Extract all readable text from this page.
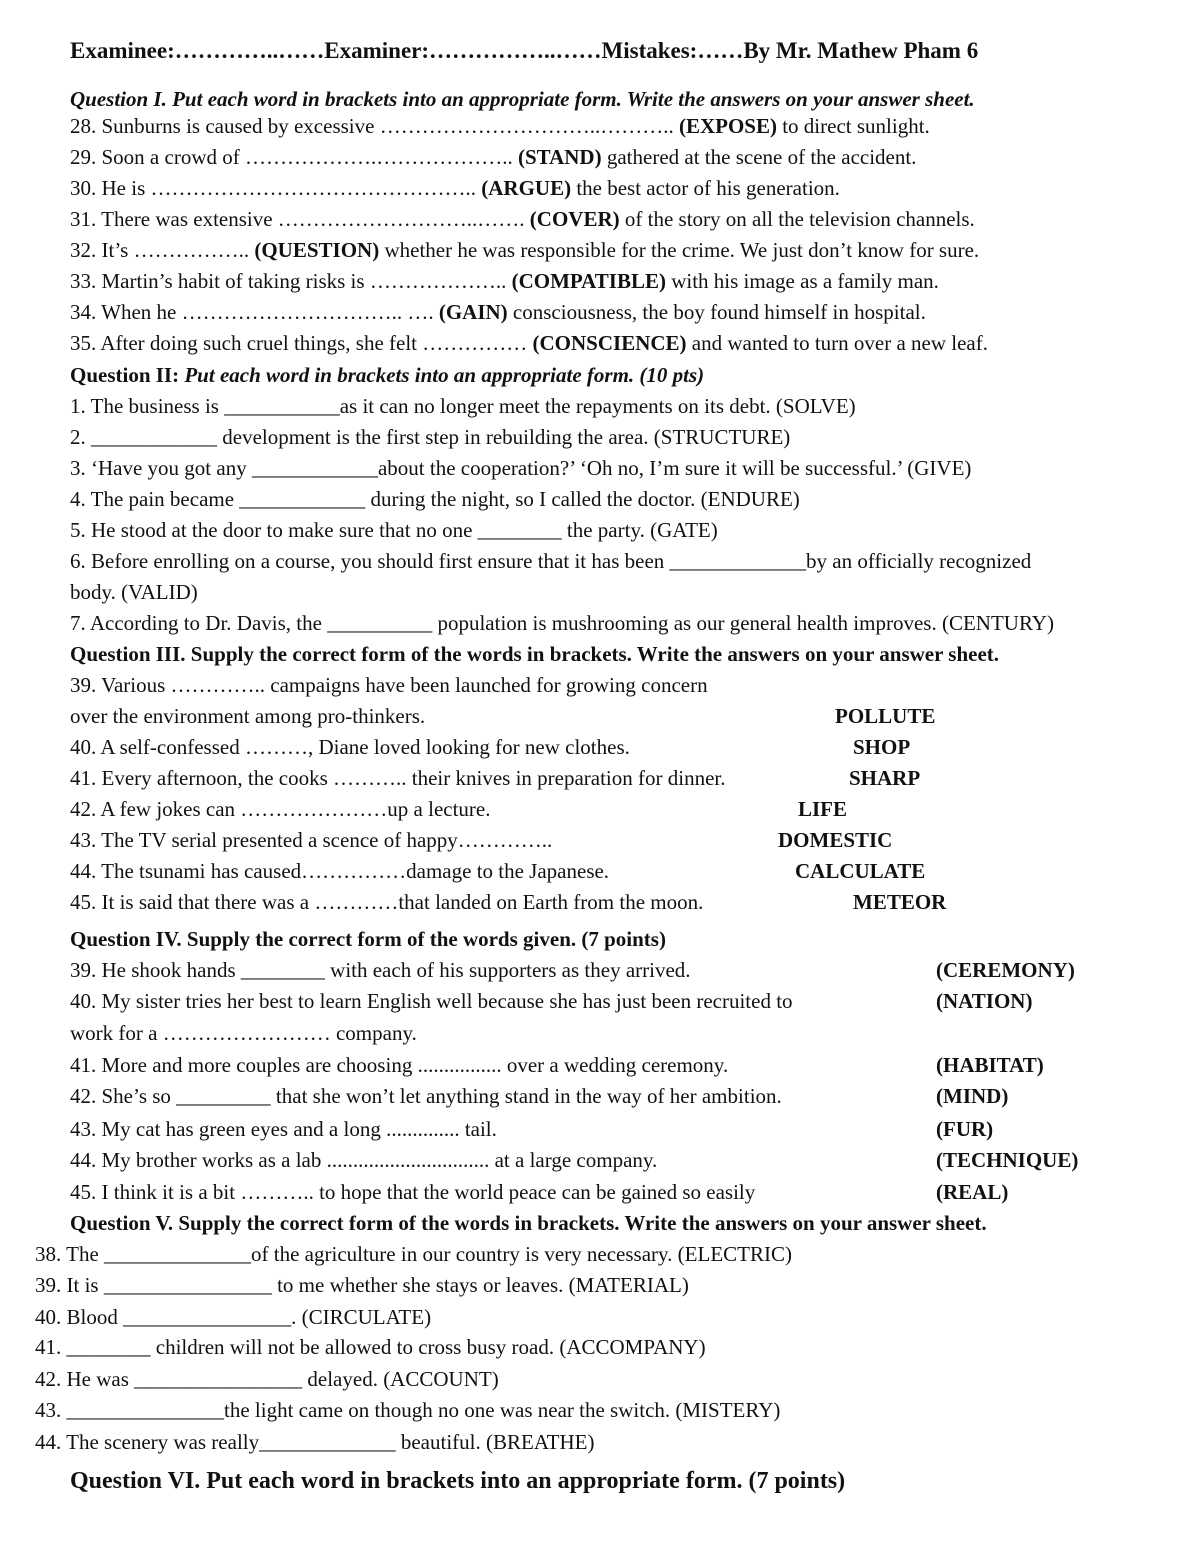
Examinee:…………..……Examiner:……………..……Mistakes:……By Mr. Mathew Pham 6
Question I. Put each word in brackets into an appropriate form. Write the answers on your answer sheet.
28. Sunburns is caused by excessive …………………………..……….. (EXPOSE) to direct sunlight.
29. Soon a crowd of ……………….……………….. (STAND) gathered at the scene of the accident.
30. He is ……………………………………….. (ARGUE) the best actor of his generation.
31. There was extensive ………………………..……. (COVER) of the story on all the television channels.
32. It’s …………….. (QUESTION) whether he was responsible for the crime. We just don’t know for sure.
33. Martin’s habit of taking risks is ……………….. (COMPATIBLE) with his image as a family man.
34. When he ………………………….. …. (GAIN) consciousness, the boy found himself in hospital.
35. After doing such cruel things, she felt …………… (CONSCIENCE) and wanted to turn over a new leaf.
Question II: Put each word in brackets into an appropriate form. (10 pts)
1. The business is ___________as it can no longer meet the repayments on its debt. (SOLVE)
2. ____________ development is the first step in rebuilding the area. (STRUCTURE)
3. ‘Have you got any ____________about the cooperation?’ ‘Oh no, I’m sure it will be successful.’ (GIVE)
4. The pain became ____________ during the night, so I called the doctor. (ENDURE)
5. He stood at the door to make sure that no one ________ the party. (GATE)
6. Before enrolling on a course, you should first ensure that it has been _____________by an officially recognized
body. (VALID)
7. According to Dr. Davis, the __________ population is mushrooming as our general health improves. (CENTURY)
Question III. Supply the correct form of the words in brackets. Write the answers on your answer sheet.
39. Various ………….. campaigns have been launched for growing concern
over the environment among pro-thinkers.	POLLUTE
40. A self-confessed ………, Diane loved looking for new clothes.	SHOP
41. Every afternoon, the cooks ……….. their knives in preparation for dinner.	SHARP
42. A few jokes can …………………up a lecture.	LIFE
43. The TV serial presented a scence of happy…………..	DOMESTIC
44. The tsunami has caused……………damage to the Japanese.	CALCULATE
45. It is said that there was a …………that landed on Earth from the moon.	METEOR
Question IV. Supply the correct form of the words given. (7 points)
39. He shook hands ________ with each of his supporters as they arrived.	(CEREMONY)
40. My sister tries her best to learn English well because she has just been recruited to	(NATION)
work for a …………………… company.
41. More and more couples are choosing ................ over a wedding ceremony.	(HABITAT)
42. She’s so _________ that she won’t let anything stand in the way of her ambition.	(MIND)
43. My cat has green eyes and a long .............. tail.	(FUR)
44. My brother works as a lab ............................... at a large company.	(TECHNIQUE)
45. I think it is a bit ……….. to hope that the world peace can be gained so easily	(REAL)
Question V. Supply the correct form of the words in brackets. Write the answers on your answer sheet.
38. The ______________of the agriculture in our country is very necessary. (ELECTRIC)
39. It is ________________ to me whether she stays or leaves. (MATERIAL)
40. Blood ________________. (CIRCULATE)
41. ________ children will not be allowed to cross busy road. (ACCOMPANY)
42. He was ________________ delayed. (ACCOUNT)
43. _______________the light came on though no one was near the switch. (MISTERY)
44. The scenery was really_____________ beautiful. (BREATHE)
Question VI. Put each word in brackets into an appropriate form. (7 points)
